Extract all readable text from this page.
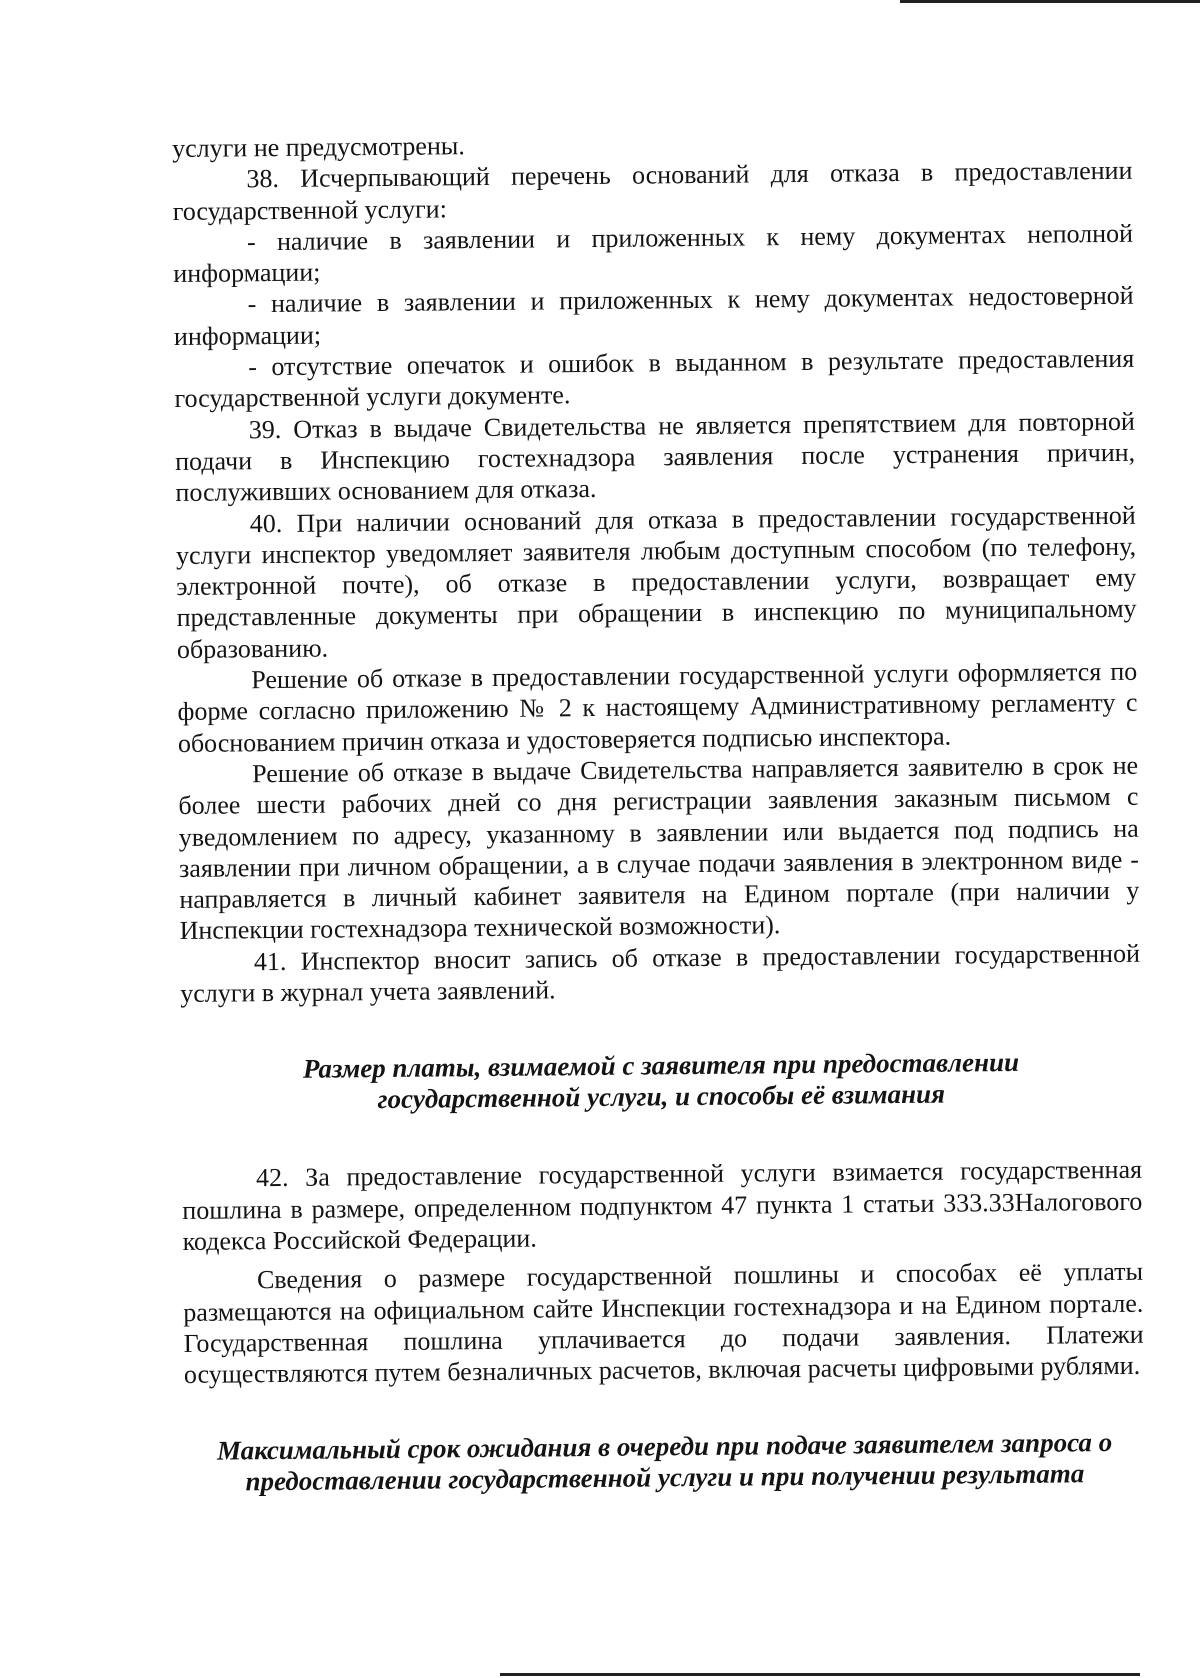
услуги не предусмотрены.

38. Исчерпывающий перечень оснований для отказа в предоставлении государственной услуги:

- наличие в заявлении и приложенных к нему документах неполной информации;

- наличие в заявлении и приложенных к нему документах недостоверной информации;

- отсутствие опечаток и ошибок в выданном в результате предоставления государственной услуги документе.

39. Отказ в выдаче Свидетельства не является препятствием для повторной подачи в Инспекцию гостехнадзора заявления после устранения причин, послуживших основанием для отказа.

40. При наличии оснований для отказа в предоставлении государственной услуги инспектор уведомляет заявителя любым доступным способом (по телефону, электронной почте), об отказе в предоставлении услуги, возвращает ему представленные документы при обращении в инспекцию по муниципальному образованию.

Решение об отказе в предоставлении государственной услуги оформляется по форме согласно приложению № 2 к настоящему Административному регламенту с обоснованием причин отказа и удостоверяется подписью инспектора.

Решение об отказе в выдаче Свидетельства направляется заявителю в срок не более шести рабочих дней со дня регистрации заявления заказным письмом с уведомлением по адресу, указанному в заявлении или выдается под подпись на заявлении при личном обращении, а в случае подачи заявления в электронном виде - направляется в личный кабинет заявителя на Едином портале (при наличии у Инспекции гостехнадзора технической возможности).

41. Инспектор вносит запись об отказе в предоставлении государственной услуги в журнал учета заявлений.

Размер платы, взимаемой с заявителя при предоставлении

государственной услуги, и способы её взимания

42. За предоставление государственной услуги взимается государственная пошлина в размере, определенном подпунктом 47 пункта 1 статьи 333.33Налогового кодекса Российской Федерации.

Сведения о размере государственной пошлины и способах её уплаты размещаются на официальном сайте Инспекции гостехнадзора и на Едином портале. Государственная пошлина уплачивается до подачи заявления. Платежи осуществляются путем безналичных расчетов, включая расчеты цифровыми рублями.

Максимальный срок ожидания в очереди при подаче заявителем запроса о

предоставлении государственной услуги и при получении результата
